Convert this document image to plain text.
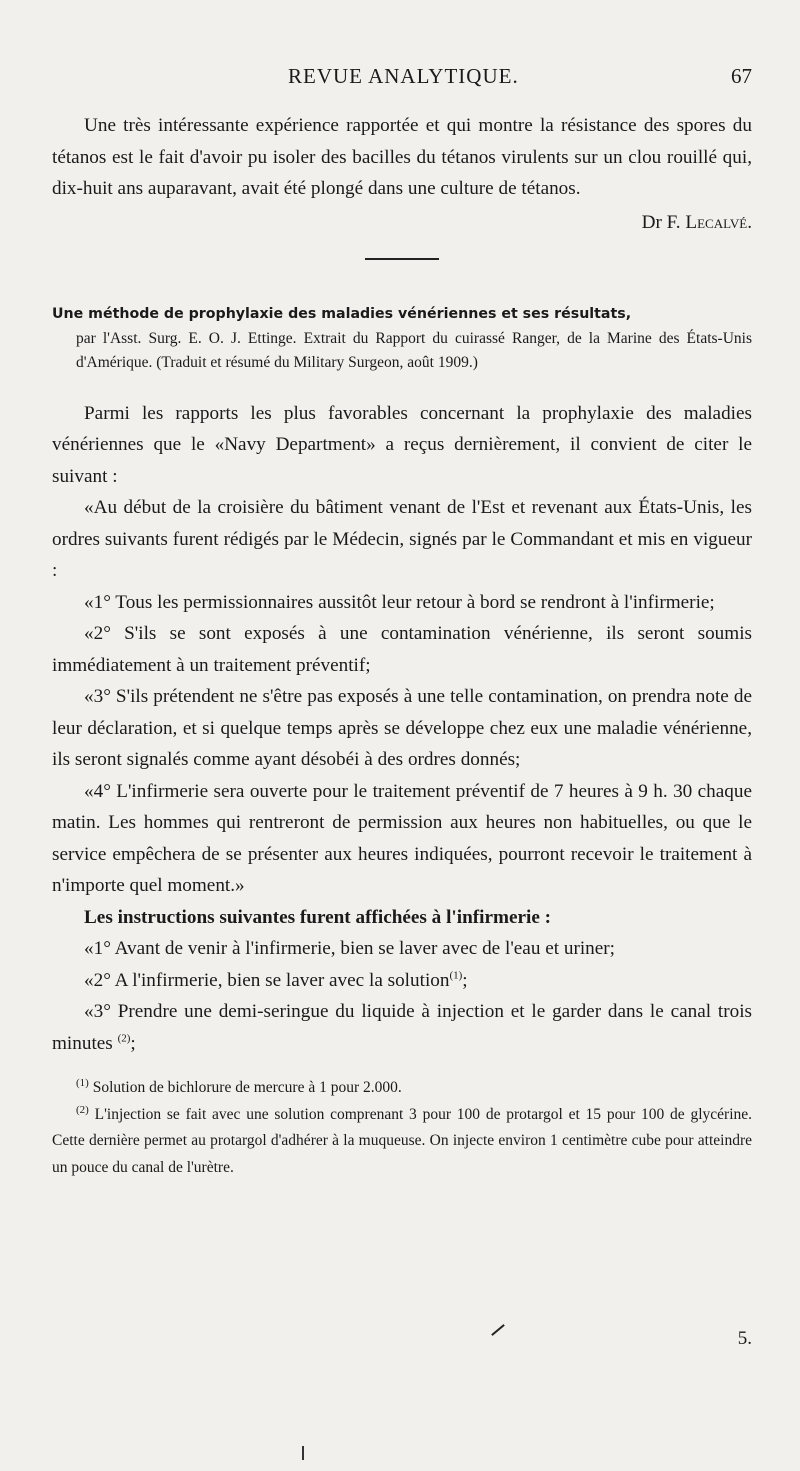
REVUE ANALYTIQUE.	67

Une très intéressante expérience rapportée et qui montre la résistance des spores du tétanos est le fait d'avoir pu isoler des bacilles du tétanos virulents sur un clou rouillé qui, dix-huit ans auparavant, avait été plongé dans une culture de tétanos.

Dr F. Lecalvé.

Une méthode de prophylaxie des maladies vénériennes et ses résultats,
par l'Asst. Surg. E. O. J. Ettinge. Extrait du Rapport du cuirassé Ranger, de la Marine des États-Unis d'Amérique. (Traduit et résumé du Military Surgeon, août 1909.)

Parmi les rapports les plus favorables concernant la prophylaxie des maladies vénériennes que le «Navy Department» a reçus dernièrement, il convient de citer le suivant :

«Au début de la croisière du bâtiment venant de l'Est et revenant aux États-Unis, les ordres suivants furent rédigés par le Médecin, signés par le Commandant et mis en vigueur :

«1° Tous les permissionnaires aussitôt leur retour à bord se rendront à l'infirmerie;

«2° S'ils se sont exposés à une contamination vénérienne, ils seront soumis immédiatement à un traitement préventif;

«3° S'ils prétendent ne s'être pas exposés à une telle contamination, on prendra note de leur déclaration, et si quelque temps après se développe chez eux une maladie vénérienne, ils seront signalés comme ayant désobéi à des ordres donnés;

«4° L'infirmerie sera ouverte pour le traitement préventif de 7 heures à 9 h. 30 chaque matin. Les hommes qui rentreront de permission aux heures non habituelles, ou que le service empêchera de se présenter aux heures indiquées, pourront recevoir le traitement à n'importe quel moment.»

Les instructions suivantes furent affichées à l'infirmerie :

«1° Avant de venir à l'infirmerie, bien se laver avec de l'eau et uriner;

«2° A l'infirmerie, bien se laver avec la solution$^{(1)}$;

«3° Prendre une demi-seringue du liquide à injection et le garder dans le canal trois minutes $^{(2)}$;

$^{(1)}$ Solution de bichlorure de mercure à 1 pour 2.000.

$^{(2)}$ L'injection se fait avec une solution comprenant 3 pour 100 de protargol et 15 pour 100 de glycérine. Cette dernière permet au protargol d'adhérer à la muqueuse. On injecte environ 1 centimètre cube pour atteindre un pouce du canal de l'urètre.

5.
